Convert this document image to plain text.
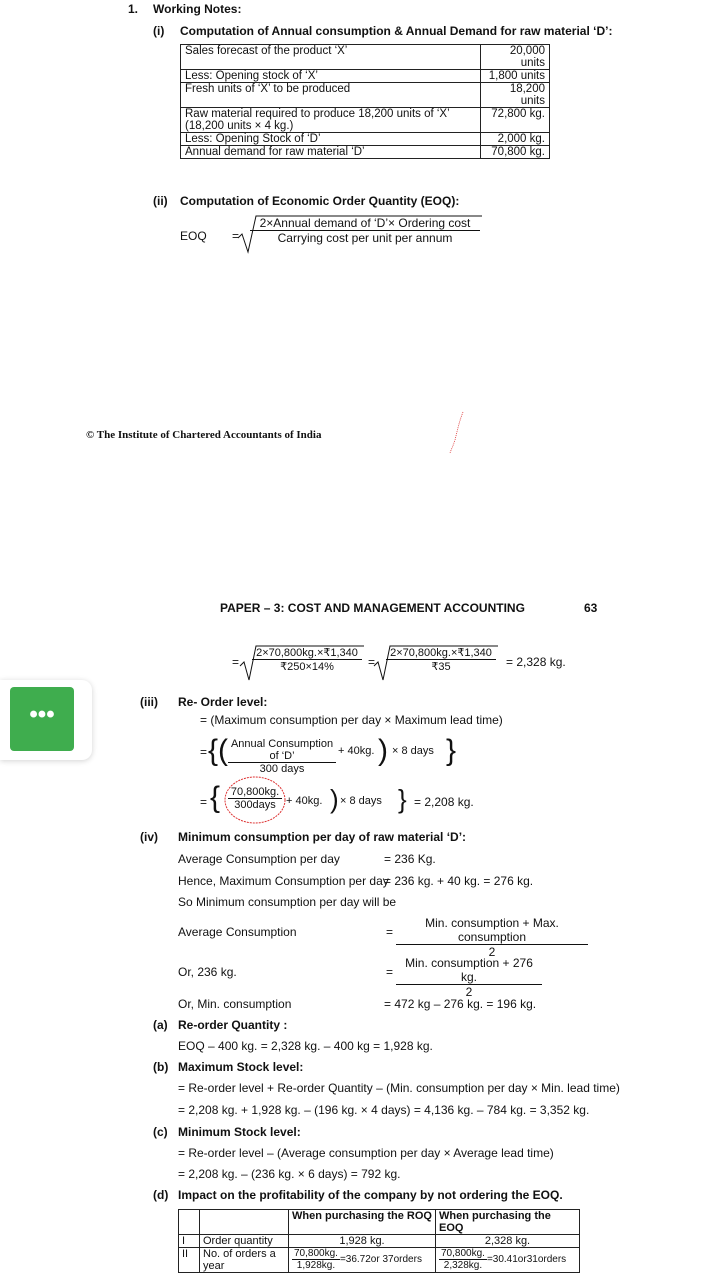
1. Working Notes:
(i) Computation of Annual consumption & Annual Demand for raw material ‘D’:
Sales forecast of the product ‘X’	20,000 units
Less: Opening stock of ‘X’	1,800 units
Fresh units of ‘X’ to be produced	18,200 units
Raw material required to produce 18,200 units of ‘X’	72,800 kg.
(18,200 units × 4 kg.)	
Less: Opening Stock of ‘D’	2,000 kg.
Annual demand for raw material ‘D’	70,800 kg.
(ii) Computation of Economic Order Quantity (EOQ):
EOQ =
2×Annual demand of ‘D’× Ordering cost
Carrying cost per unit per annum
© The Institute of Chartered Accountants of India
PAPER – 3: COST AND MANAGEMENT ACCOUNTING	63
=
2×70,800kg.×₹1,340
₹250×14%	=
2×70,800kg.×₹1,340
₹35	= 2,328 kg.
(iii) Re- Order level:
= (Maximum consumption per day × Maximum lead time)
= {( Annual Consumption of ‘D’
300 days
+ 40kg. ) × 8 days }
= { 70,800kg.
300days + 40kg. ) × 8 days } = 2,208 kg.
(iv) Minimum consumption per day of raw material ‘D’:
Average Consumption per day	= 236 Kg.
Hence, Maximum Consumption per day
= 236 kg. + 40 kg. = 276 kg.
So Minimum consumption per day will be
Average Consumption	=
Min. consumption + Max. consumption
2
Or, 236 kg.	=
Min. consumption + 276 kg.
2
Or, Min. consumption	= 472 kg – 276 kg. = 196 kg.
(a) Re-order Quantity :
EOQ – 400 kg. = 2,328 kg. – 400 kg = 1,928 kg.
(b) Maximum Stock level:
= Re-order level + Re-order Quantity – (Min. consumption per day × Min. lead time)
= 2,208 kg. + 1,928 kg. – (196 kg. × 4 days) = 4,136 kg. – 784 kg. = 3,352 kg.
(c) Minimum Stock level:
= Re-order level – (Average consumption per day × Average lead time)
= 2,208 kg. – (236 kg. × 6 days) = 792 kg.
(d) Impact on the profitability of the company by not ordering the EOQ.
		When purchasing the ROQ	When purchasing the EOQ
I	Order quantity	1,928 kg.	2,328 kg.
II	No. of orders a year	$\frac{70,800kg.}{1,928kg.} =36.72or$ 37orders	$\frac{70,800kg.}{2,328kg.}$ =30.41or31orders
•••
